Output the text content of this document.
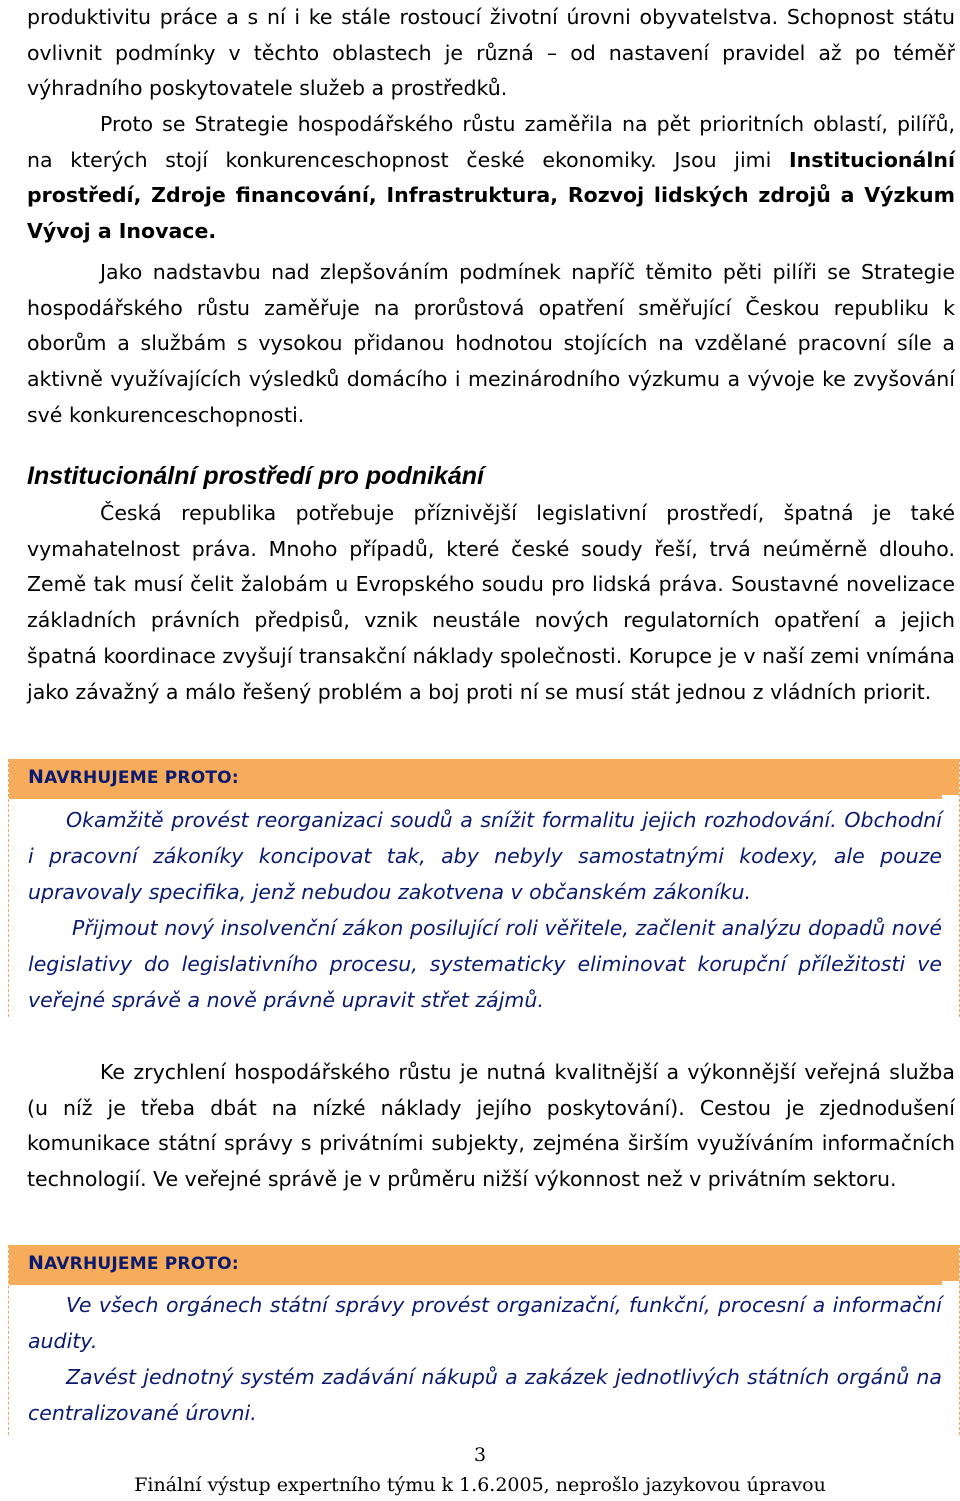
produktivitu práce a s ní i ke stále rostoucí životní úrovni obyvatelstva. Schopnost státu ovlivnit podmínky v těchto oblastech je různá – od nastavení pravidel až po téměř výhradního poskytovatele služeb a prostředků.

Proto se Strategie hospodářského růstu zaměřila na pět prioritních oblastí, pilířů, na kterých stojí konkurenceschopnost české ekonomiky. Jsou jimi Institucionální prostředí, Zdroje financování, Infrastruktura, Rozvoj lidských zdrojů a Výzkum Vývoj a Inovace.

Jako nadstavbu nad zlepšováním podmínek napříč těmito pěti pilíři se Strategie hospodářského růstu zaměřuje na prorůstová opatření směřující Českou republiku k oborům a službám s vysokou přidanou hodnotou stojících na vzdělané pracovní síle a aktivně využívajících výsledků domácího i mezinárodního výzkumu a vývoje ke zvyšování své konkurenceschopnosti.

Institucionální prostředí pro podnikání

Česká republika potřebuje příznivější legislativní prostředí, špatná je také vymahatelnost práva. Mnoho případů, které české soudy řeší, trvá neúměrně dlouho. Země tak musí čelit žalobám u Evropského soudu pro lidská práva. Soustavné novelizace základních právních předpisů, vznik neustále nových regulatorních opatření a jejich špatná koordinace zvyšují transakční náklady společnosti. Korupce je v naší zemi vnímána jako závažný a málo řešený problém a boj proti ní se musí stát jednou z vládních priorit.

NAVRHUJEME PROTO:

Okamžitě provést reorganizaci soudů a snížit formalitu jejich rozhodování. Obchodní i pracovní zákoníky koncipovat tak, aby nebyly samostatnými kodexy, ale pouze upravovaly specifika, jenž nebudou zakotvena v občanském zákoníku.

Přijmout nový insolvenční zákon posilující roli věřitele, začlenit analýzu dopadů nové legislativy do legislativního procesu, systematicky eliminovat korupční příležitosti ve veřejné správě a nově právně upravit střet zájmů.

Ke zrychlení hospodářského růstu je nutná kvalitnější a výkonnější veřejná služba (u níž je třeba dbát na nízké náklady jejího poskytování). Cestou je zjednodušení komunikace státní správy s privátními subjekty, zejména širším využíváním informačních technologií. Ve veřejné správě je v průměru nižší výkonnost než v privátním sektoru.

NAVRHUJEME PROTO:

Ve všech orgánech státní správy provést organizační, funkční, procesní a informační audity.

Zavést jednotný systém zadávání nákupů a zakázek jednotlivých státních orgánů na centralizované úrovni.

3
Finální výstup expertního týmu k 1.6.2005, neprošlo jazykovou úpravou
